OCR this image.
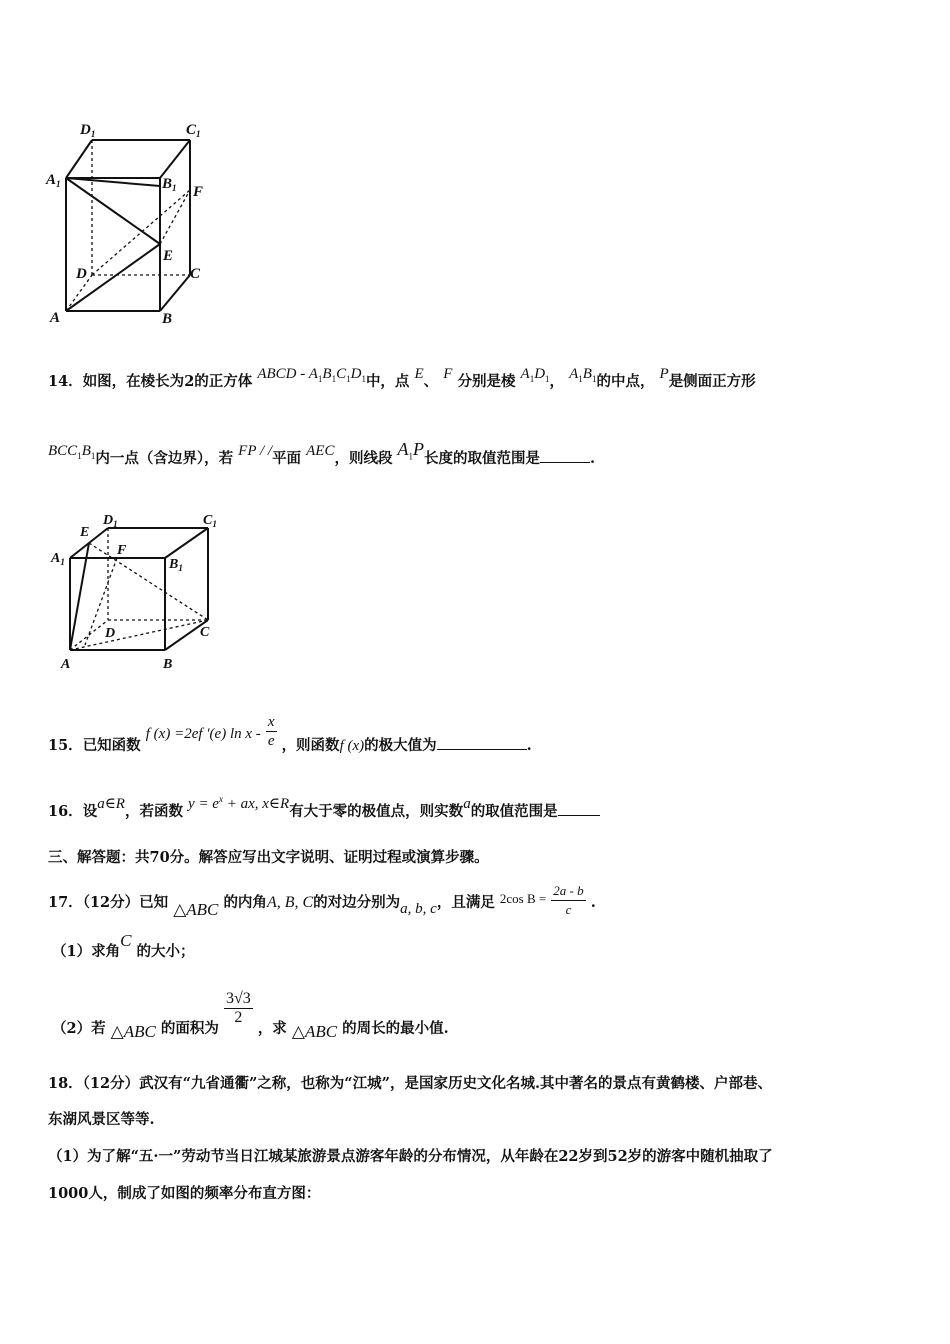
$D_1$	$C_1$
$A_1$	$B_1$ F
E
D	C
A	B
14．如图，在棱长为2的正方体 ABCD - $A_1B_1C_1D_1$中，点 E、 F 分别是棱 $A_1D_1$， $A_1B_1$的中点， P是侧面正方形
$BCC_1B_1$内一点（含边界），若 FP / /平面 AEC，则线段 $A_1P$长度的取值范围是	.
E
$D_1$	$C_1$
F
$A_1$	$B_1$
D	C
A	B
15．已知函数 f (x) =2ef ′(e) ln x - $\frac{x}{e}$ ，则函数f (x)的极大值为	.
16．设a∈R，若函数 $y = e^x$ + ax, x∈R有大于零的极值点，则实数a的取值范围是
三、解答题：共70分。解答应写出文字说明、证明过程或演算步骤。
17．（12分）已知 △ABC 的内角A, B, C的对边分别为a, b, c，且满足 2cos $B = \frac{2a - b}{c}$ .
（1）求角C 的大小；
（2）若 △ABC 的面积为
$\frac{3√3}{2}$
，求 △ABC 的周长的最小值.
18．（12分）武汉有“九省通衢”之称，也称为“江城”，是国家历史文化名城.其中著名的景点有黄鹤楼、户部巷、
东湖风景区等等.
（1）为了解“五·一”劳动节当日江城某旅游景点游客年龄的分布情况，从年龄在22岁到52岁的游客中随机抽取了
1000人，制成了如图的频率分布直方图：
